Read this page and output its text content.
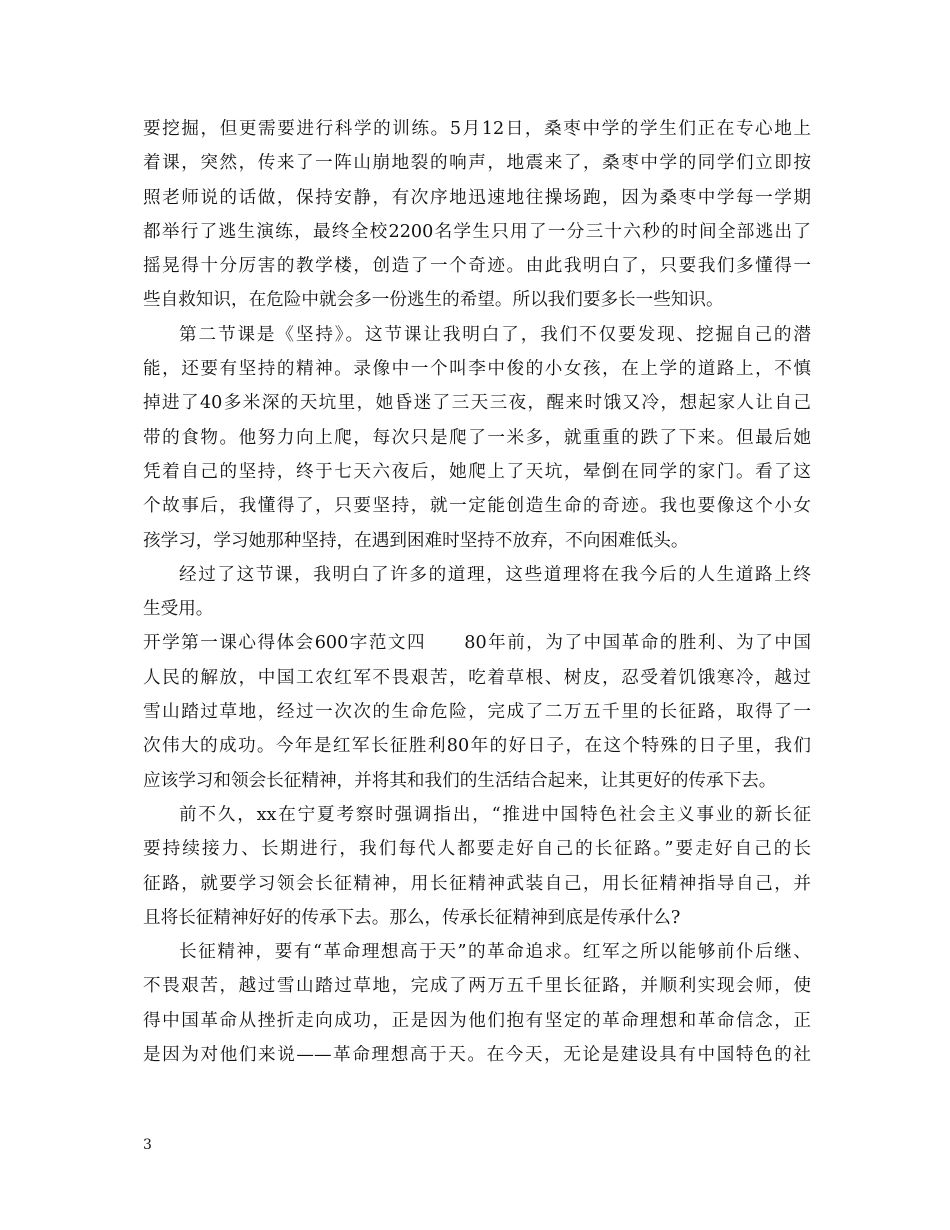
要挖掘，但更需要进行科学的训练。5月12日，桑枣中学的学生们正在专心地上
着课，突然，传来了一阵山崩地裂的响声，地震来了，桑枣中学的同学们立即按
照老师说的话做，保持安静，有次序地迅速地往操场跑，因为桑枣中学每一学期
都举行了逃生演练，最终全校2200名学生只用了一分三十六秒的时间全部逃出了
摇晃得十分厉害的教学楼，创造了一个奇迹。由此我明白了，只要我们多懂得一
些自救知识，在危险中就会多一份逃生的希望。所以我们要多长一些知识。
第二节课是《坚持》。这节课让我明白了，我们不仅要发现、挖掘自己的潜
能，还要有坚持的精神。录像中一个叫李中俊的小女孩，在上学的道路上，不慎
掉进了40多米深的天坑里，她昏迷了三天三夜，醒来时饿又冷，想起家人让自己
带的食物。他努力向上爬，每次只是爬了一米多，就重重的跌了下来。但最后她
凭着自己的坚持，终于七天六夜后，她爬上了天坑，晕倒在同学的家门。看了这
个故事后，我懂得了，只要坚持，就一定能创造生命的奇迹。我也要像这个小女
孩学习，学习她那种坚持，在遇到困难时坚持不放弃，不向困难低头。
经过了这节课，我明白了许多的道理，这些道理将在我今后的人生道路上终
生受用。
开学第一课心得体会600字范文四　　80年前，为了中国革命的胜利、为了中国
人民的解放，中国工农红军不畏艰苦，吃着草根、树皮，忍受着饥饿寒冷，越过
雪山踏过草地，经过一次次的生命危险，完成了二万五千里的长征路，取得了一
次伟大的成功。今年是红军长征胜利80年的好日子，在这个特殊的日子里，我们
应该学习和领会长征精神，并将其和我们的生活结合起来，让其更好的传承下去。
前不久，xx在宁夏考察时强调指出，“推进中国特色社会主义事业的新长征
要持续接力、长期进行，我们每代人都要走好自己的长征路。”要走好自己的长
征路，就要学习领会长征精神，用长征精神武装自己，用长征精神指导自己，并
且将长征精神好好的传承下去。那么，传承长征精神到底是传承什么?
长征精神，要有“革命理想高于天”的革命追求。红军之所以能够前仆后继、
不畏艰苦，越过雪山踏过草地，完成了两万五千里长征路，并顺利实现会师，使
得中国革命从挫折走向成功，正是因为他们抱有坚定的革命理想和革命信念，正
是因为对他们来说——革命理想高于天。在今天，无论是建设具有中国特色的社
3
